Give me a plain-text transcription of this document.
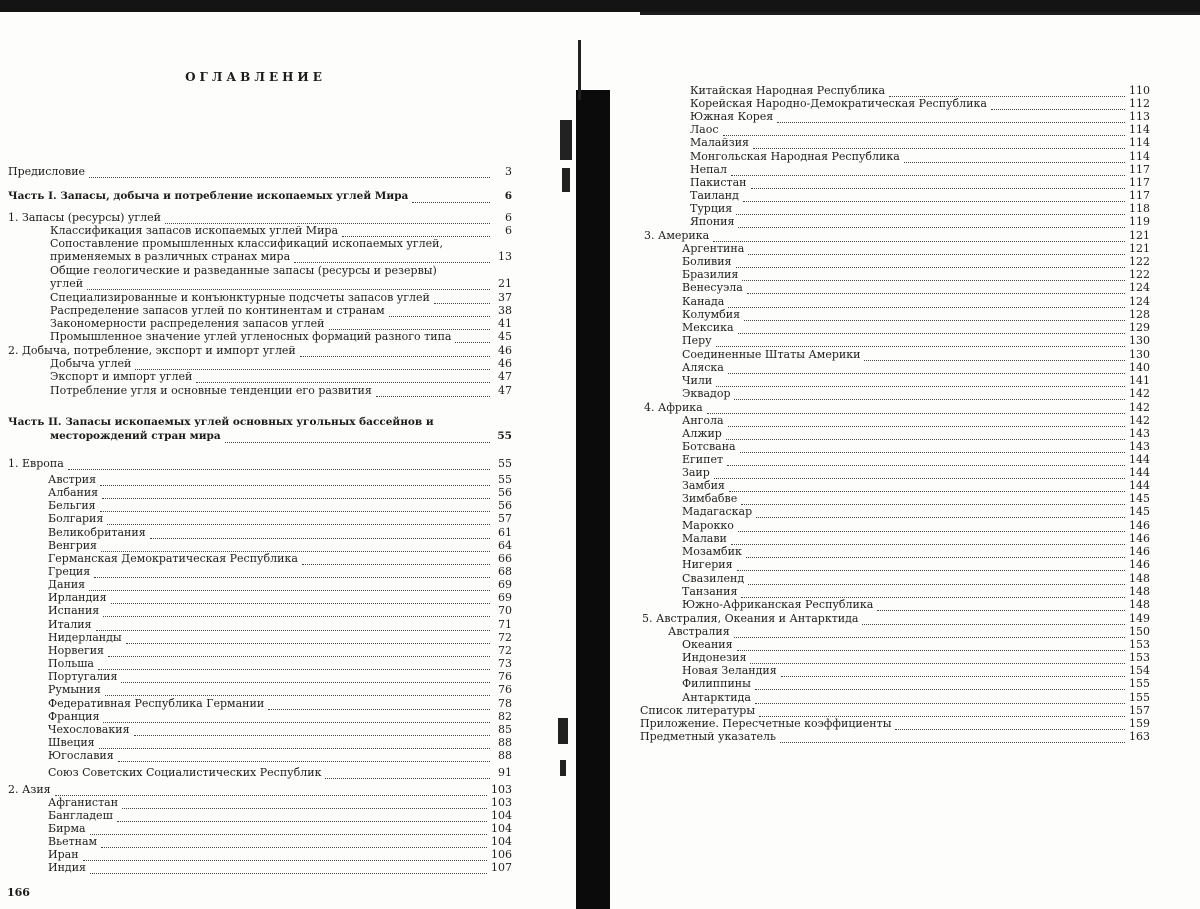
ОГЛАВЛЕНИЕ
Предисловие	3
Часть I. Запасы, добыча и потребление ископаемых углей Мира	6
1. Запасы (ресурсы) углей	6
Классификация запасов ископаемых углей Мира	6
Сопоставление промышленных классификаций ископаемых углей,
применяемых в различных странах мира	13
Общие геологические и разведанные запасы (ресурсы и резервы)
углей	21
Специализированные и конъюнктурные подсчеты запасов углей	37
Распределение запасов углей по континентам и странам	38
Закономерности распределения запасов углей	41
Промышленное значение углей угленосных формаций разного типа	45
2. Добыча, потребление, экспорт и импорт углей	46
Добыча углей	46
Экспорт и импорт углей	47
Потребление угля и основные тенденции его развития	47
Часть II. Запасы ископаемых углей основных угольных бассейнов и
месторождений стран мира	55
1. Европа	55
Австрия	55
Албания	56
Бельгия	56
Болгария	57
Великобритания	61
Венгрия	64
Германская Демократическая Республика	66
Греция	68
Дания	69
Ирландия	69
Испания	70
Италия	71
Нидерланды	72
Норвегия	72
Польша	73
Португалия	76
Румыния	76
Федеративная Республика Германии	78
Франция	82
Чехословакия	85
Швеция	88
Югославия	88
Союз Советских Социалистических Республик	91
2. Азия	103
Афганистан	103
Бангладеш	104
Бирма	104
Вьетнам	104
Иран	106
Индия	107
166
Китайская Народная Республика	110
Корейская Народно-Демократическая Республика	112
Южная Корея	113
Лаос	114
Малайзия	114
Монгольская Народная Республика	114
Непал	117
Пакистан	117
Таиланд	117
Турция	118
Япония	119
3. Америка	121
Аргентина	121
Боливия	122
Бразилия	122
Венесуэла	124
Канада	124
Колумбия	128
Мексика	129
Перу	130
Соединенные Штаты Америки	130
Аляска	140
Чили	141
Эквадор	142
4. Африка	142
Ангола	142
Алжир	143
Ботсвана	143
Египет	144
Заир	144
Замбия	144
Зимбабве	145
Мадагаскар	145
Марокко	146
Малави	146
Мозамбик	146
Нигерия	146
Свазиленд	148
Танзания	148
Южно-Африканская Республика	148
5. Австралия, Океания и Антарктида	149
Австралия	150
Океания	153
Индонезия	153
Новая Зеландия	154
Филиппины	155
Антарктида	155
Список литературы	157
Приложение. Пересчетные коэффициенты	159
Предметный указатель	163
